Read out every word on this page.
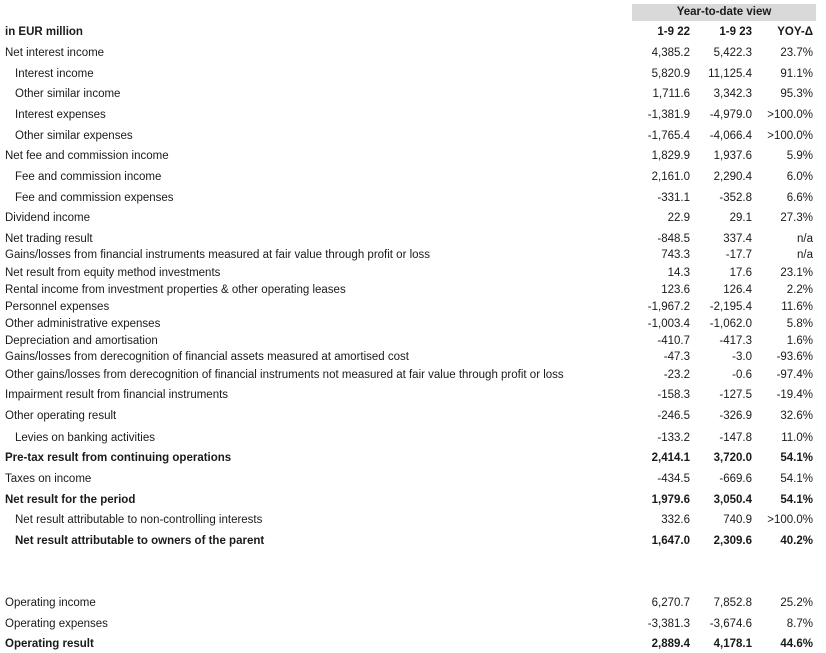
Year-to-date view
in EUR million	1-9 22	1-9 23 YOY-Δ
Net interest income	4,385.2 5,422.3 23.7%
Interest income	5,820.9 11,125.4 91.1%
Other similar income	1,711.6 3,342.3 95.3%
Interest expenses	-1,381.9 -4,979.0 >100.0%
Other similar expenses	-1,765.4 -4,066.4 >100.0%
Net fee and commission income	1,829.9 1,937.6	5.9%
Fee and commission income	2,161.0 2,290.4	6.0%
Fee and commission expenses	-331.1	-352.8	6.6%
Dividend income	22.9	29.1 27.3%
Net trading result	-848.5	337.4	n/a
Gains/losses from financial instruments measured at fair value through profit or loss	743.3	-17.7	n/a
Net result from equity method investments	14.3	17.6 23.1%
Rental income from investment properties & other operating leases	123.6	126.4	2.2%
Personnel expenses	-1,967.2 -2,195.4	11.6%
Other administrative expenses	-1,003.4 -1,062.0	5.8%
Depreciation and amortisation	-410.7	-417.3	1.6%
Gains/losses from derecognition of financial assets measured at amortised cost	-47.3	-3.0 -93.6%
Other gains/losses from derecognition of financial instruments not measured at fair value through profit or loss	-23.2	-0.6 -97.4%
Impairment result from financial instruments	-158.3	-127.5 -19.4%
Other operating result	-246.5	-326.9 32.6%
Levies on banking activities	-133.2	-147.8	11.0%
Pre-tax result from continuing operations	2,414.1 3,720.0 54.1%
Taxes on income	-434.5	-669.6 54.1%
Net result for the period	1,979.6 3,050.4 54.1%
Net result attributable to non-controlling interests	332.6	740.9 >100.0%
Net result attributable to owners of the parent	1,647.0 2,309.6 40.2%
Operating income	6,270.7 7,852.8 25.2%
Operating expenses	-3,381.3 -3,674.6	8.7%
Operating result	2,889.4 4,178.1 44.6%
